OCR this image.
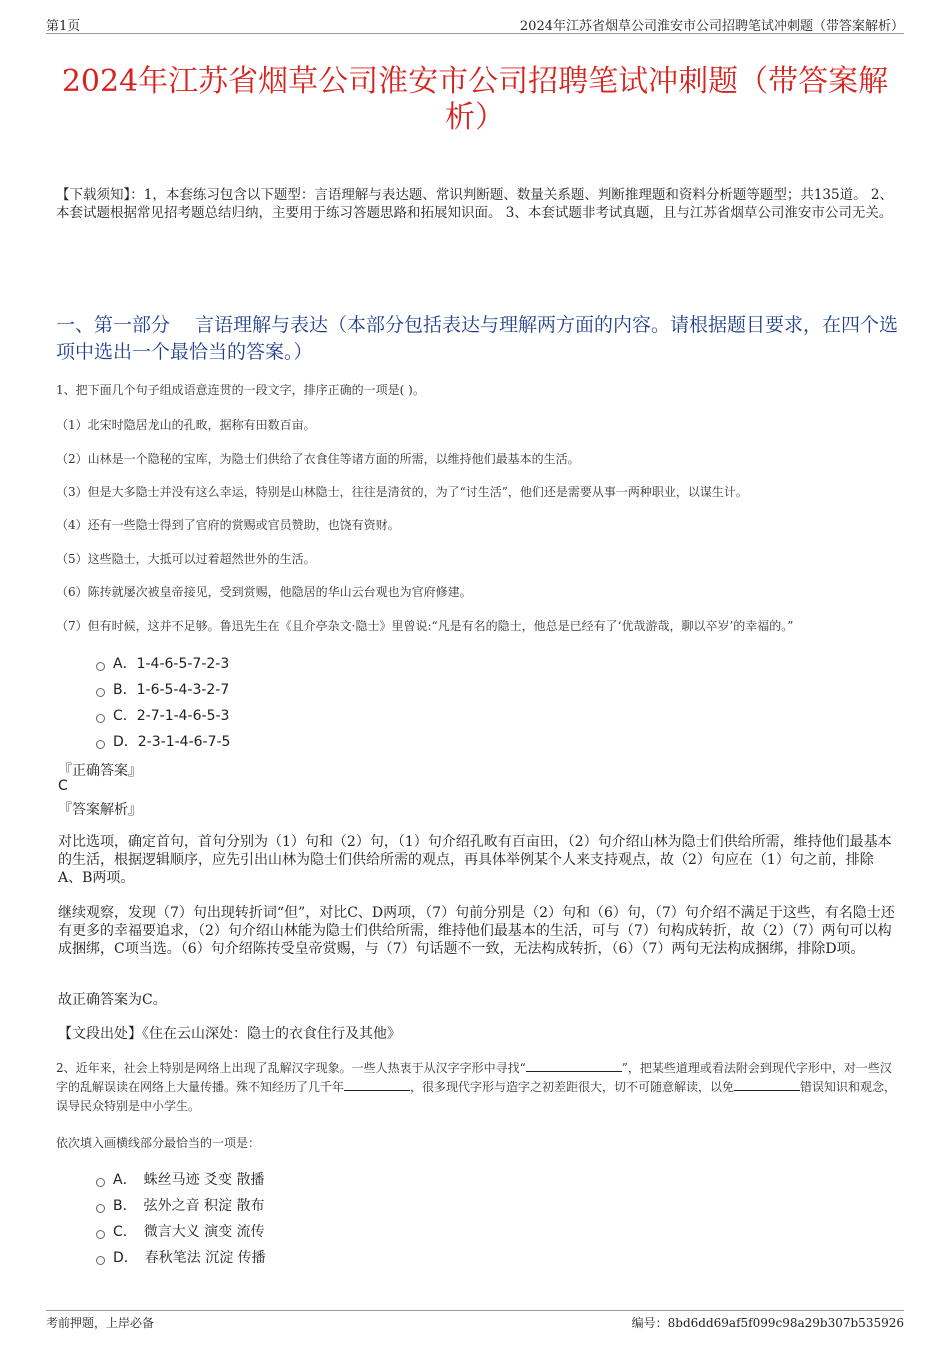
第1页	2024年江苏省烟草公司淮安市公司招聘笔试冲刺题（带答案解析）
2024年江苏省烟草公司淮安市公司招聘笔试冲刺题（带答案解析）
【下载须知】：1，本套练习包含以下题型：言语理解与表达题、常识判断题、数量关系题、判断推理题和资料分析题等题型；共135道。 2、本套试题根据常见招考题总结归纳，主要用于练习答题思路和拓展知识面。 3、本套试题非考试真题，且与江苏省烟草公司淮安市公司无关。
一、第一部分　 言语理解与表达（本部分包括表达与理解两方面的内容。请根据题目要求，在四个选项中选出一个最恰当的答案。）
1、把下面几个句子组成语意连贯的一段文字，排序正确的一项是( )。
（1）北宋时隐居龙山的孔畋，据称有田数百亩。
（2）山林是一个隐秘的宝库，为隐士们供给了衣食住等诸方面的所需，以维持他们最基本的生活。
（3）但是大多隐士并没有这么幸运，特别是山林隐士，往往是清贫的，为了“讨生活”，他们还是需要从事一两种职业，以谋生计。
（4）还有一些隐士得到了官府的赏赐或官员赞助，也饶有资财。
（5）这些隐士，大抵可以过着超然世外的生活。
（6）陈抟就屡次被皇帝接见，受到赏赐，他隐居的华山云台观也为官府修建。
（7）但有时候，这并不足够。鲁迅先生在《且介亭杂文·隐士》里曾说:“凡是有名的隐士，他总是已经有了‘优哉游哉，聊以卒岁’的幸福的。”
A．1-4-6-5-7-2-3
B．1-6-5-4-3-2-7
C．2-7-1-4-6-5-3
D．2-3-1-4-6-7-5
『正确答案』
C
『答案解析』
对比选项，确定首句，首句分别为（1）句和（2）句，（1）句介绍孔畋有百亩田，（2）句介绍山林为隐士们供给所需，维持他们最基本的生活，根据逻辑顺序，应先引出山林为隐士们供给所需的观点，再具体举例某个人来支持观点，故（2）句应在（1）句之前，排除A、B两项。
继续观察，发现（7）句出现转折词“但”，对比C、D两项，（7）句前分别是（2）句和（6）句，（7）句介绍不满足于这些，有名隐士还有更多的幸福要追求，（2）句介绍山林能为隐士们供给所需，维持他们最基本的生活，可与（7）句构成转折，故（2）（7）两句可以构成捆绑，C项当选。（6）句介绍陈抟受皇帝赏赐，与（7）句话题不一致，无法构成转折，（6）（7）两句无法构成捆绑，排除D项。
故正确答案为C。
【文段出处】《住在云山深处：隐士的衣食住行及其他》
2、近年来，社会上特别是网络上出现了乱解汉字现象。一些人热衷于从汉字字形中寻找“	”，把某些道理或看法附会到现代字形中，对一些汉字的乱解误读在网络上大量传播。殊不知经历了几千年	，很多现代字形与造字之初差距很大，切不可随意解读，以免	错误知识和观念，误导民众特别是中小学生。
依次填入画横线部分最恰当的一项是：
A．　蛛丝马迹 爻变 散播
B．　弦外之音 积淀 散布
C．　微言大义 演变 流传
D．　春秋笔法 沉淀 传播
考前押题，上岸必备	编号：8bd6dd69af5f099c98a29b307b535926
